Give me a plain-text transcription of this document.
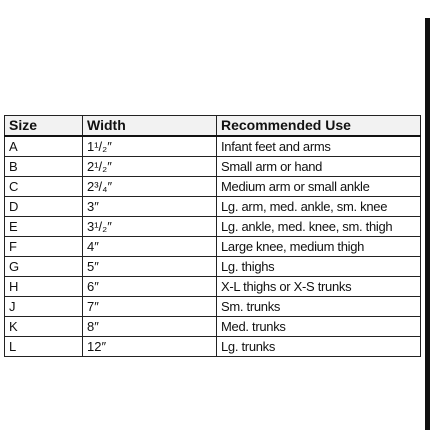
Size	Width	Recommended Use
A	1¹/₂″	Infant feet and arms
B	2¹/₂″	Small arm or hand
C	2³/₄″	Medium arm or small ankle
D	3″	Lg. arm, med. ankle, sm. knee
E	3¹/₂″	Lg. ankle, med. knee, sm. thigh
F	4″	Large knee, medium thigh
G	5″	Lg. thighs
H	6″	X-L thighs or X-S trunks
J	7″	Sm. trunks
K	8″	Med. trunks
L	12″	Lg. trunks
